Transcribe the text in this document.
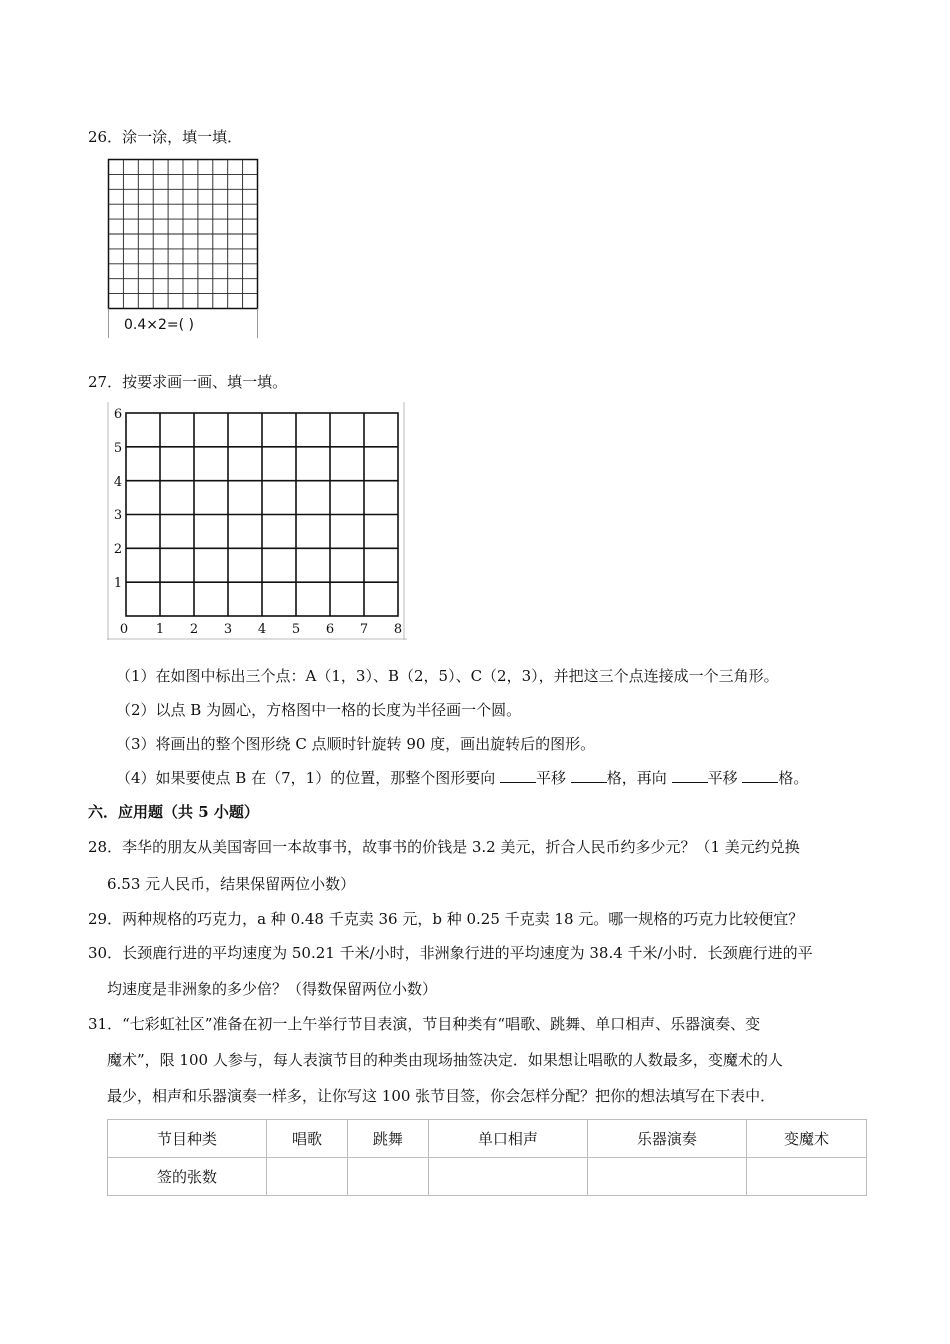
26．涂一涂，填一填．
0.4×2=( )
27．按要求画一画、填一填。
0 1 2 3 4 5 6 7 8
1
2
3
4
5
6
（1）在如图中标出三个点：A（1，3）、B（2，5）、C（2，3），并把这三个点连接成一个三角形。
（2）以点 B 为圆心，方格图中一格的长度为半径画一个圆。
（3）将画出的整个图形绕 C 点顺时针旋转 90 度，画出旋转后的图形。
（4）如果要使点 B 在（7，1）的位置，那整个图形要向	平移	格，再向	平移	格。
六．应用题（共 5 小题）
28．李华的朋友从美国寄回一本故事书，故事书的价钱是 3.2 美元，折合人民币约多少元？（1 美元约兑换
6.53 元人民币，结果保留两位小数）
29．两种规格的巧克力，a 种 0.48 千克卖 36 元，b 种 0.25 千克卖 18 元。哪一规格的巧克力比较便宜？
30．长颈鹿行进的平均速度为 50.21 千米/小时，非洲象行进的平均速度为 38.4 千米/小时．长颈鹿行进的平
均速度是非洲象的多少倍？（得数保留两位小数）
31．“七彩虹社区”准备在初一上午举行节目表演，节目种类有“唱歌、跳舞、单口相声、乐器演奏、变
魔术”，限 100 人参与，每人表演节目的种类由现场抽签决定．如果想让唱歌的人数最多，变魔术的人
最少，相声和乐器演奏一样多，让你写这 100 张节目签，你会怎样分配？把你的想法填写在下表中．
节目种类	唱歌	跳舞	单口相声	乐器演奏	变魔术
签的张数					
